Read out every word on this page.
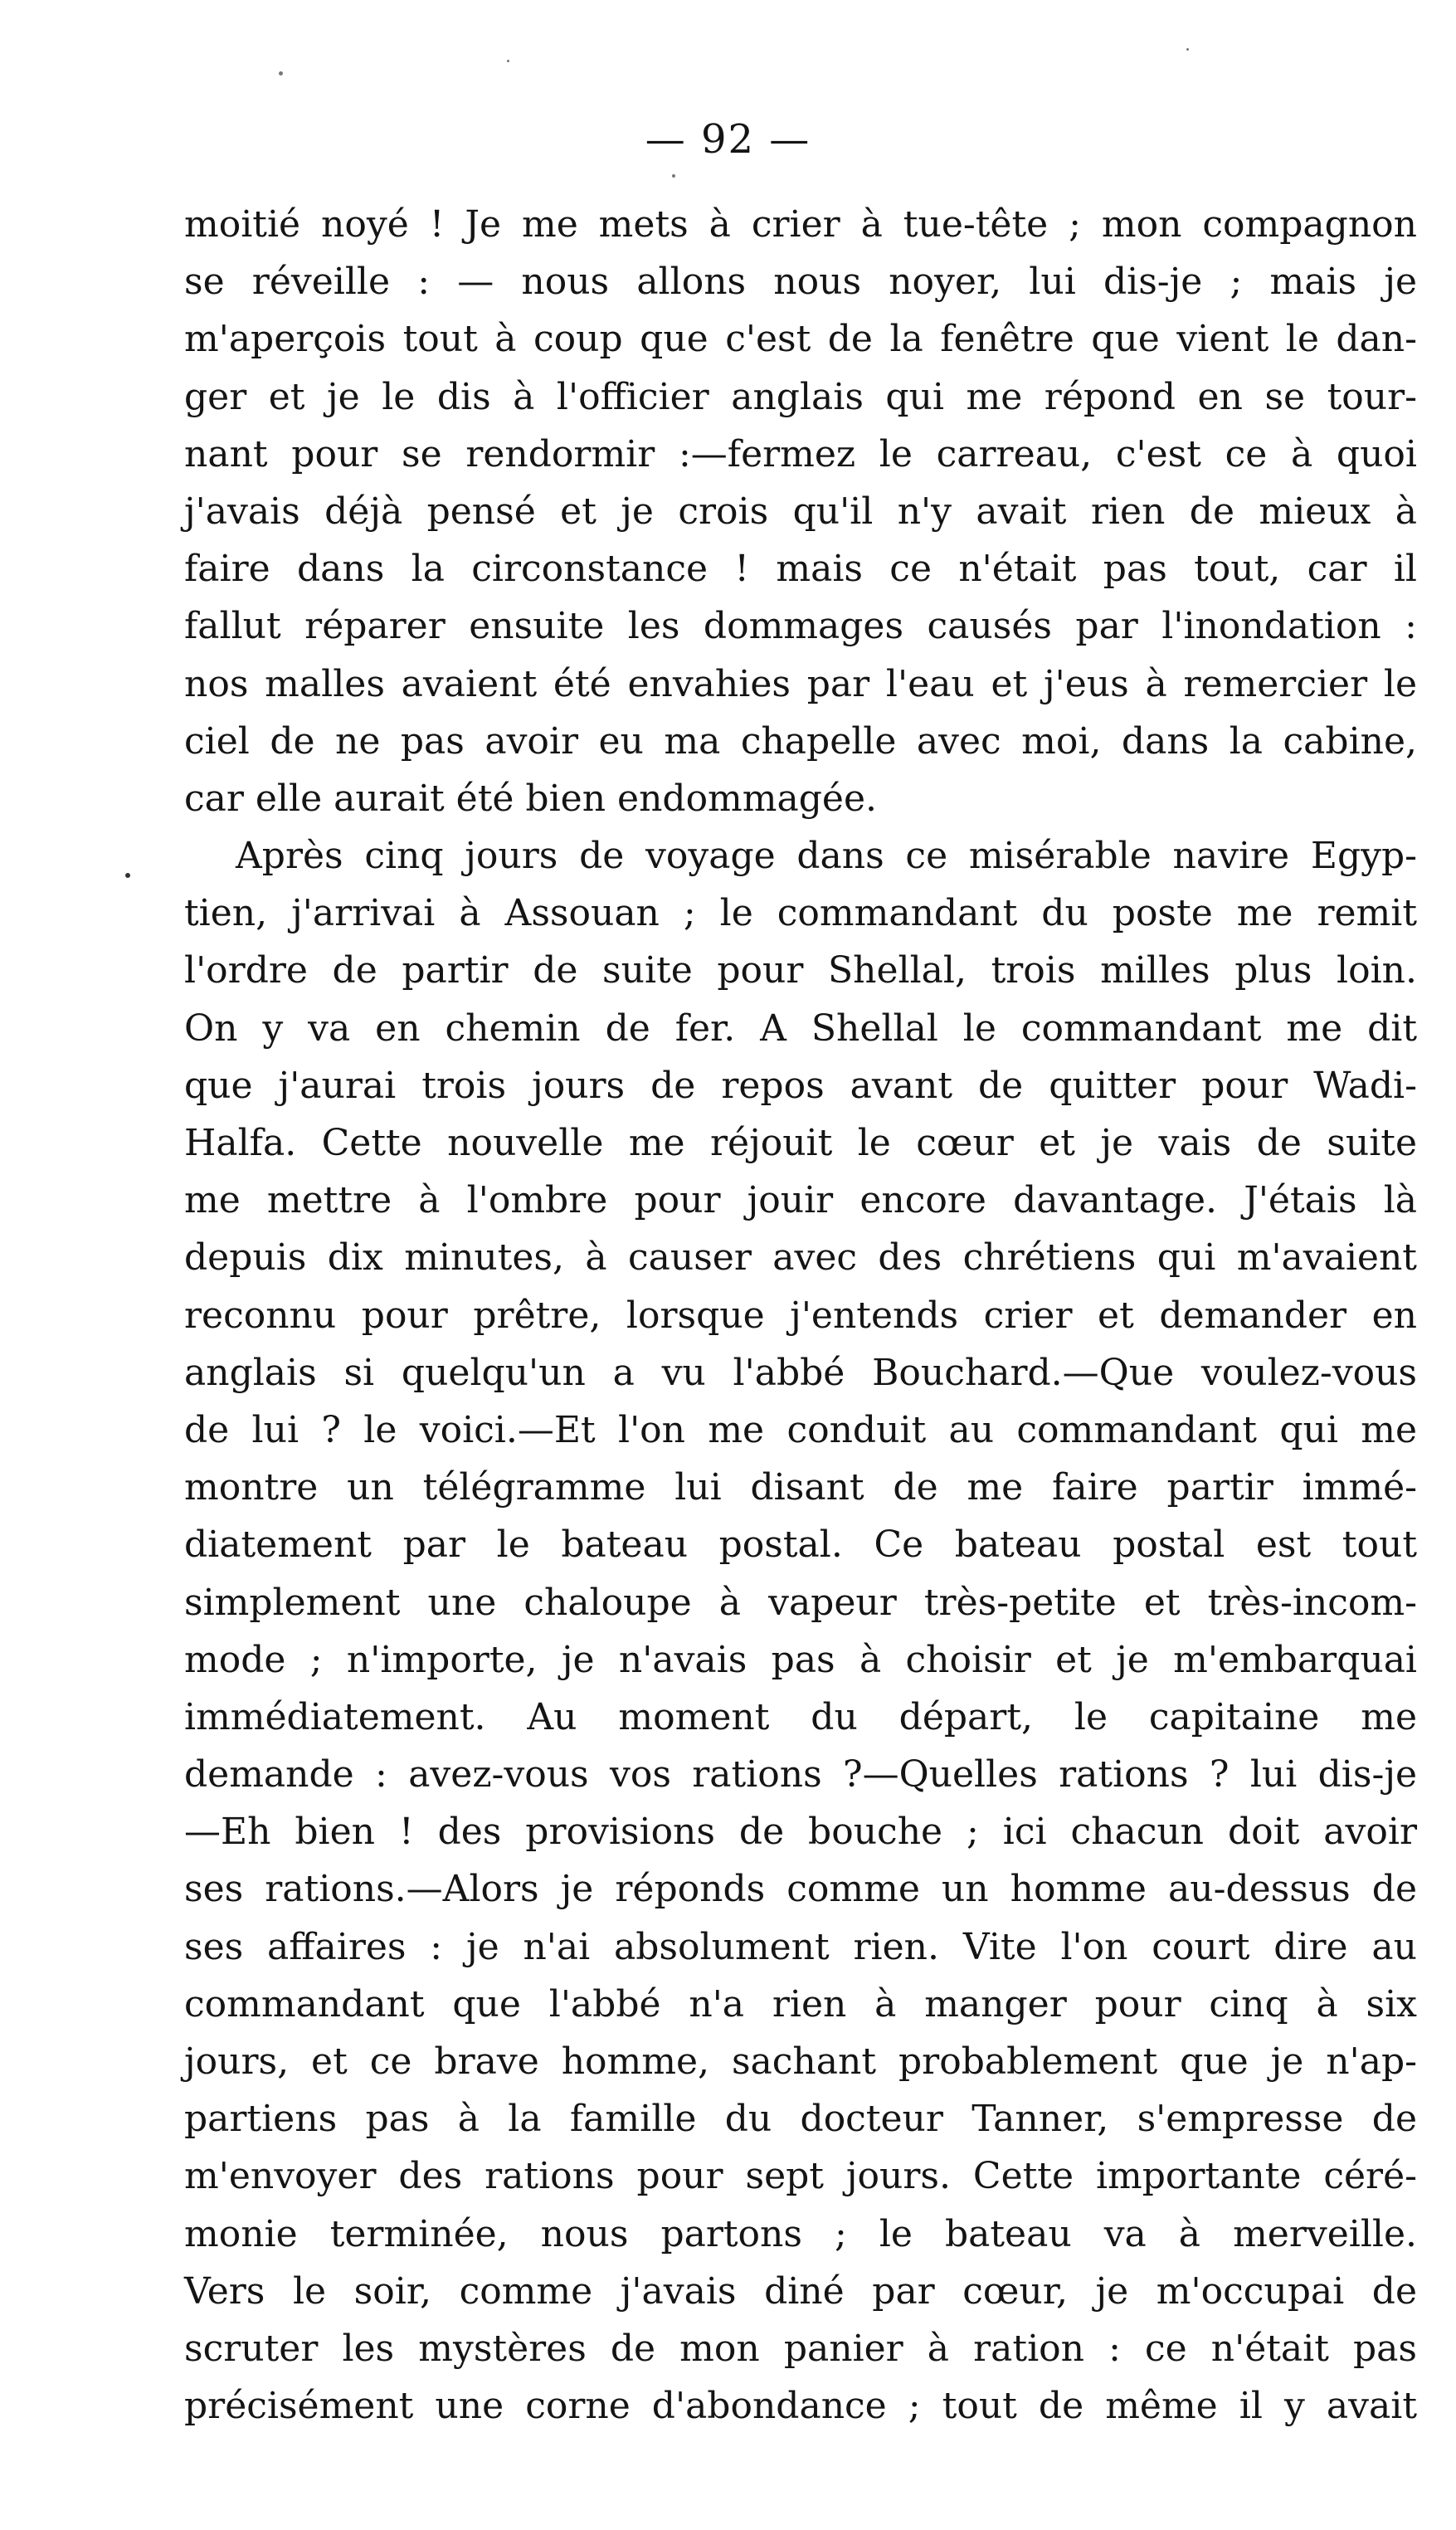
— 92 —
moitié noyé ! Je me mets à crier à tue-tête ; mon compagnon
se réveille : — nous allons nous noyer, lui dis-je ; mais je
m'aperçois tout à coup que c'est de la fenêtre que vient le dan-
ger et je le dis à l'officier anglais qui me répond en se tour-
nant pour se rendormir :—fermez le carreau, c'est ce à quoi
j'avais déjà pensé et je crois qu'il n'y avait rien de mieux à
faire dans la circonstance ! mais ce n'était pas tout, car il
fallut réparer ensuite les dommages causés par l'inondation :
nos malles avaient été envahies par l'eau et j'eus à remercier le
ciel de ne pas avoir eu ma chapelle avec moi, dans la cabine,
car elle aurait été bien endommagée.
Après cinq jours de voyage dans ce misérable navire Egyp-
tien, j'arrivai à Assouan ; le commandant du poste me remit
l'ordre de partir de suite pour Shellal, trois milles plus loin.
On y va en chemin de fer. A Shellal le commandant me dit
que j'aurai trois jours de repos avant de quitter pour Wadi-
Halfa. Cette nouvelle me réjouit le cœur et je vais de suite
me mettre à l'ombre pour jouir encore davantage. J'étais là
depuis dix minutes, à causer avec des chrétiens qui m'avaient
reconnu pour prêtre, lorsque j'entends crier et demander en
anglais si quelqu'un a vu l'abbé Bouchard.—Que voulez-vous
de lui ? le voici.—Et l'on me conduit au commandant qui me
montre un télégramme lui disant de me faire partir immé-
diatement par le bateau postal. Ce bateau postal est tout
simplement une chaloupe à vapeur très-petite et très-incom-
mode ; n'importe, je n'avais pas à choisir et je m'embarquai
immédiatement. Au moment du départ, le capitaine me
demande : avez-vous vos rations ?—Quelles rations ? lui dis-je
—Eh bien ! des provisions de bouche ; ici chacun doit avoir
ses rations.—Alors je réponds comme un homme au-dessus de
ses affaires : je n'ai absolument rien. Vite l'on court dire au
commandant que l'abbé n'a rien à manger pour cinq à six
jours, et ce brave homme, sachant probablement que je n'ap-
partiens pas à la famille du docteur Tanner, s'empresse de
m'envoyer des rations pour sept jours. Cette importante céré-
monie terminée, nous partons ; le bateau va à merveille.
Vers le soir, comme j'avais diné par cœur, je m'occupai de
scruter les mystères de mon panier à ration : ce n'était pas
précisément une corne d'abondance ; tout de même il y avait
